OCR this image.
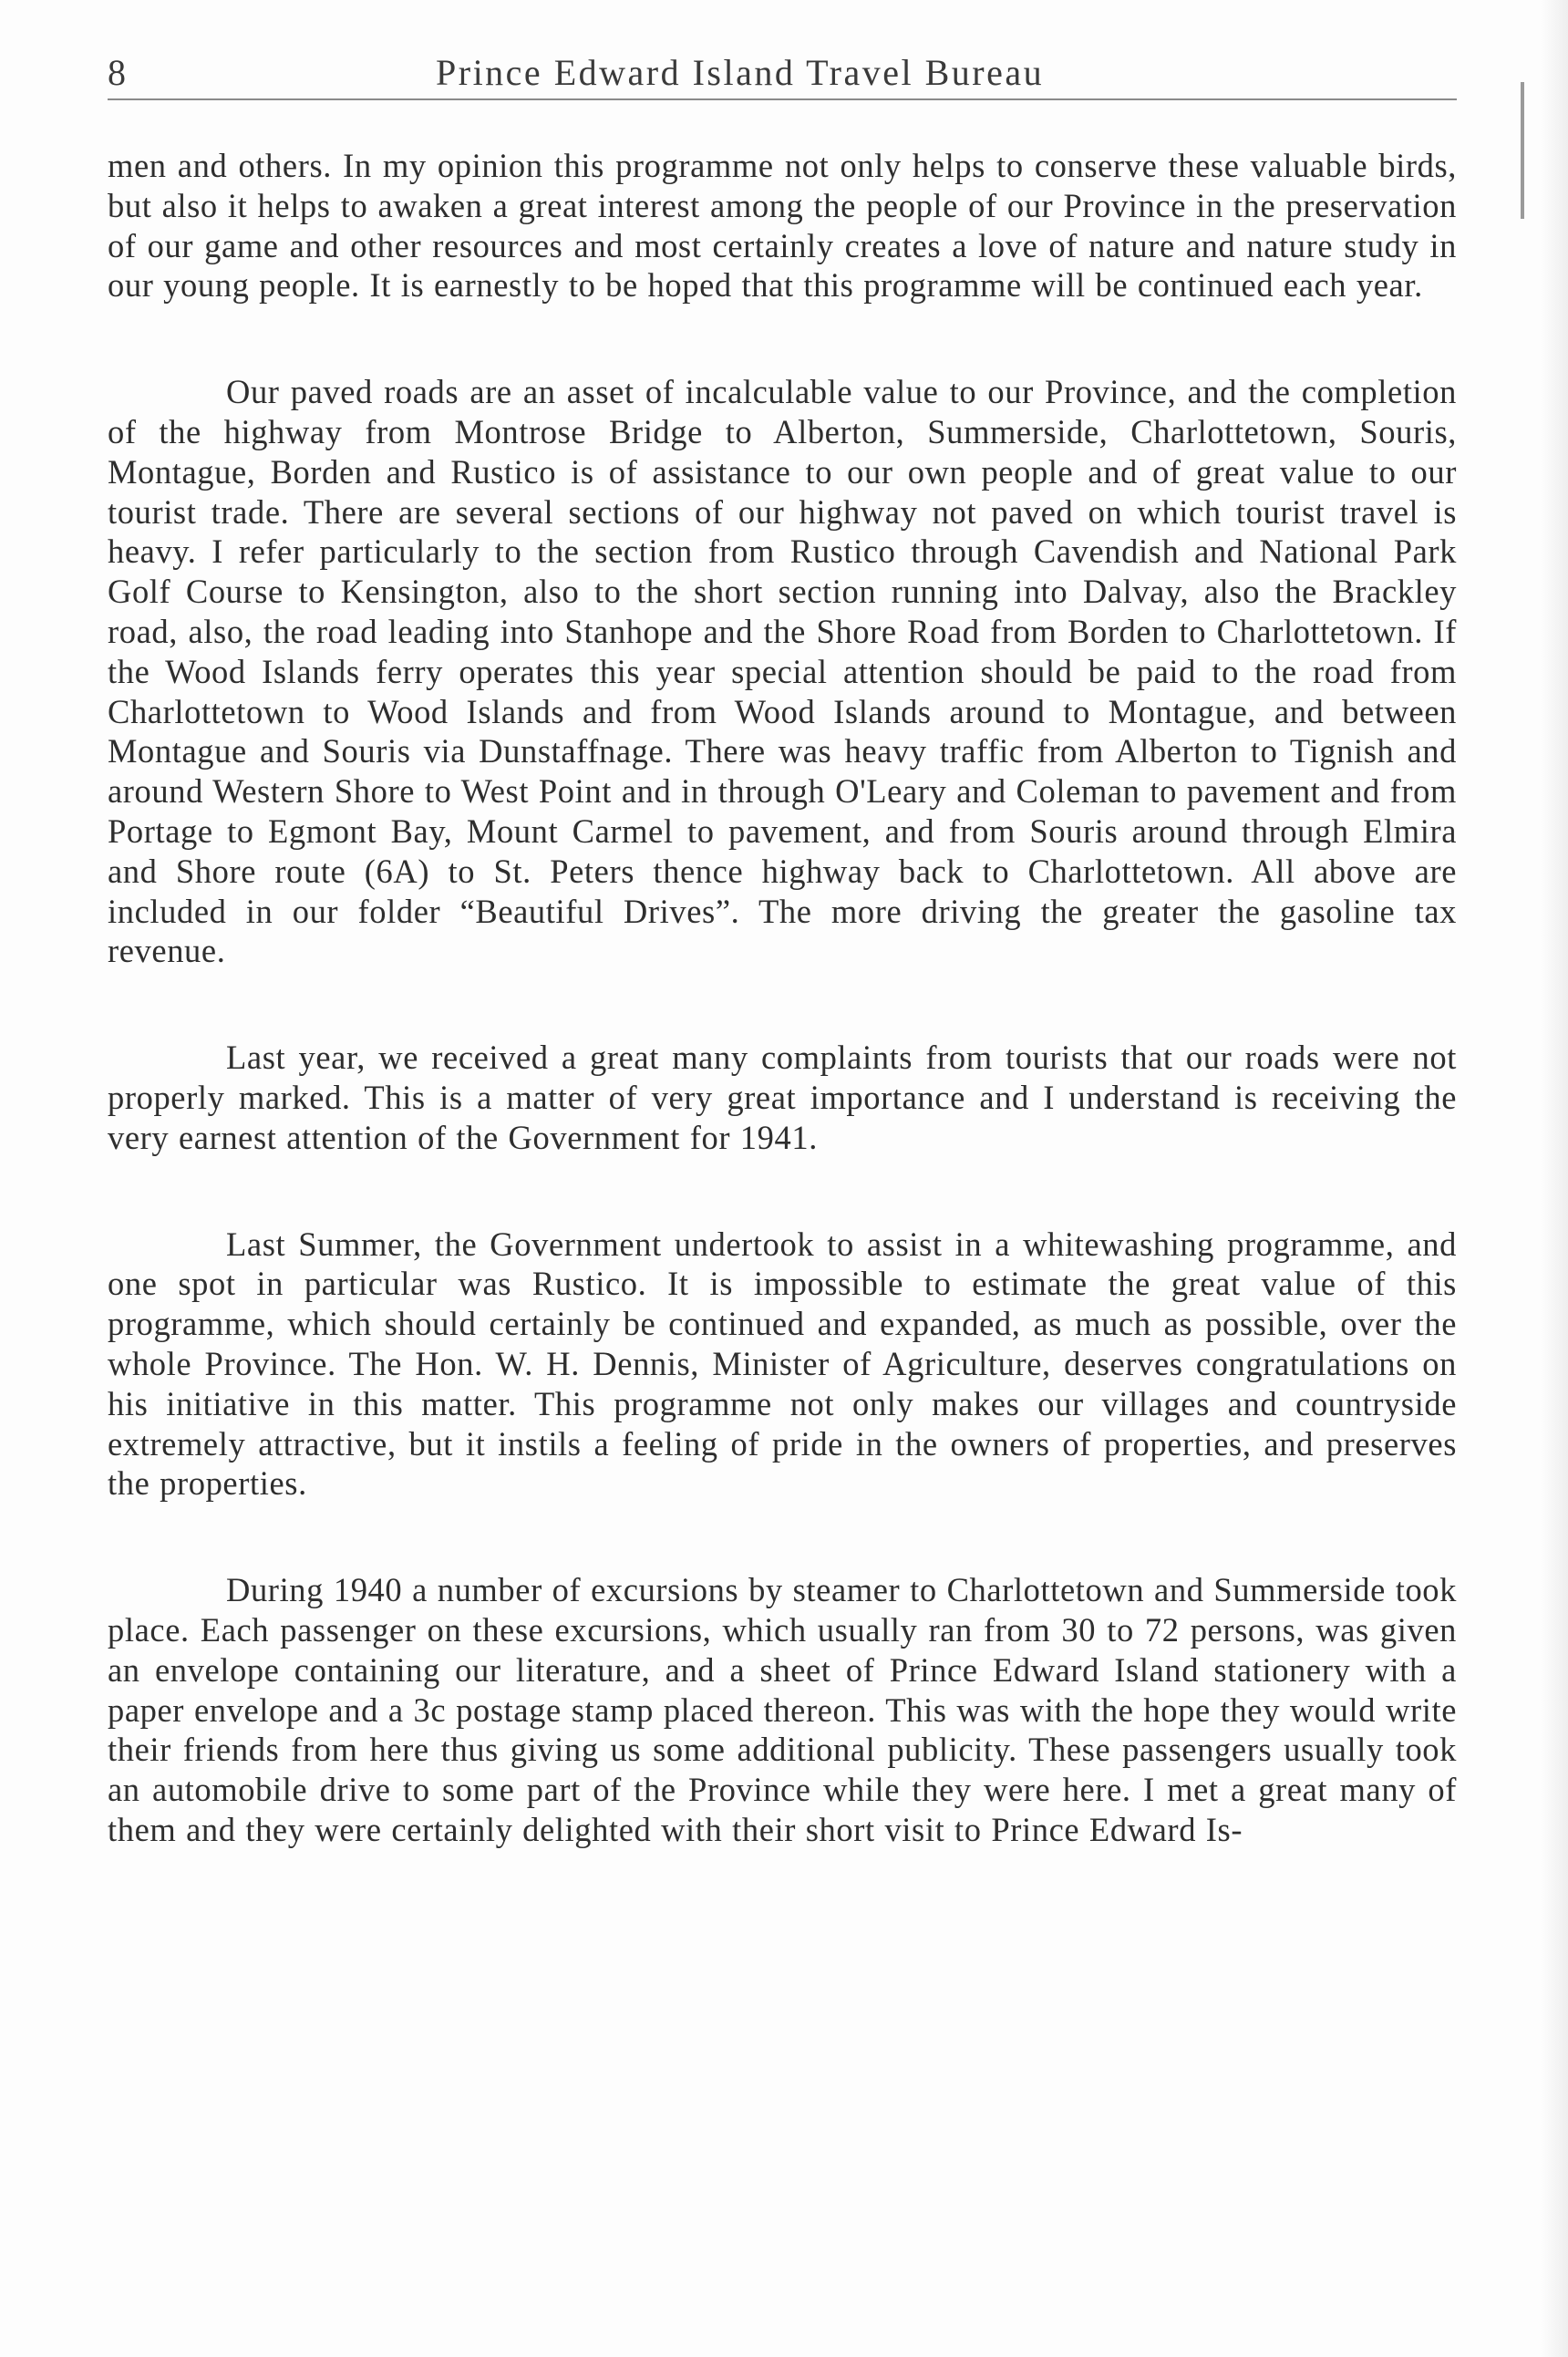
8	Prince Edward Island Travel Bureau

men and others. In my opinion this programme not only helps to conserve these valuable birds, but also it helps to awaken a great interest among the people of our Province in the preservation of our game and other resources and most certainly creates a love of nature and nature study in our young people. It is earnestly to be hoped that this programme will be continued each year.

Our paved roads are an asset of incalculable value to our Province, and the completion of the highway from Montrose Bridge to Alberton, Summerside, Charlottetown, Souris, Montague, Borden and Rustico is of assistance to our own people and of great value to our tourist trade. There are several sections of our highway not paved on which tourist travel is heavy. I refer particularly to the section from Rustico through Cavendish and National Park Golf Course to Kensington, also to the short section running into Dalvay, also the Brackley road, also, the road leading into Stanhope and the Shore Road from Borden to Charlottetown. If the Wood Islands ferry operates this year special attention should be paid to the road from Charlottetown to Wood Islands and from Wood Islands around to Montague, and between Montague and Souris via Dunstaffnage. There was heavy traffic from Alberton to Tignish and around Western Shore to West Point and in through O'Leary and Coleman to pavement and from Portage to Egmont Bay, Mount Carmel to pavement, and from Souris around through Elmira and Shore route (6A) to St. Peters thence highway back to Charlottetown. All above are included in our folder “Beautiful Drives”. The more driving the greater the gasoline tax revenue.

Last year, we received a great many complaints from tourists that our roads were not properly marked. This is a matter of very great importance and I understand is receiving the very earnest attention of the Government for 1941.

Last Summer, the Government undertook to assist in a whitewashing programme, and one spot in particular was Rustico. It is impossible to estimate the great value of this programme, which should certainly be continued and expanded, as much as possible, over the whole Province. The Hon. W. H. Dennis, Minister of Agriculture, deserves congratulations on his initiative in this matter. This programme not only makes our villages and countryside extremely attractive, but it instils a feeling of pride in the owners of properties, and preserves the properties.

During 1940 a number of excursions by steamer to Charlottetown and Summerside took place. Each passenger on these excursions, which usually ran from 30 to 72 persons, was given an envelope containing our literature, and a sheet of Prince Edward Island stationery with a paper envelope and a 3c postage stamp placed thereon. This was with the hope they would write their friends from here thus giving us some additional publicity. These passengers usually took an automobile drive to some part of the Province while they were here. I met a great many of them and they were certainly delighted with their short visit to Prince Edward Is-
